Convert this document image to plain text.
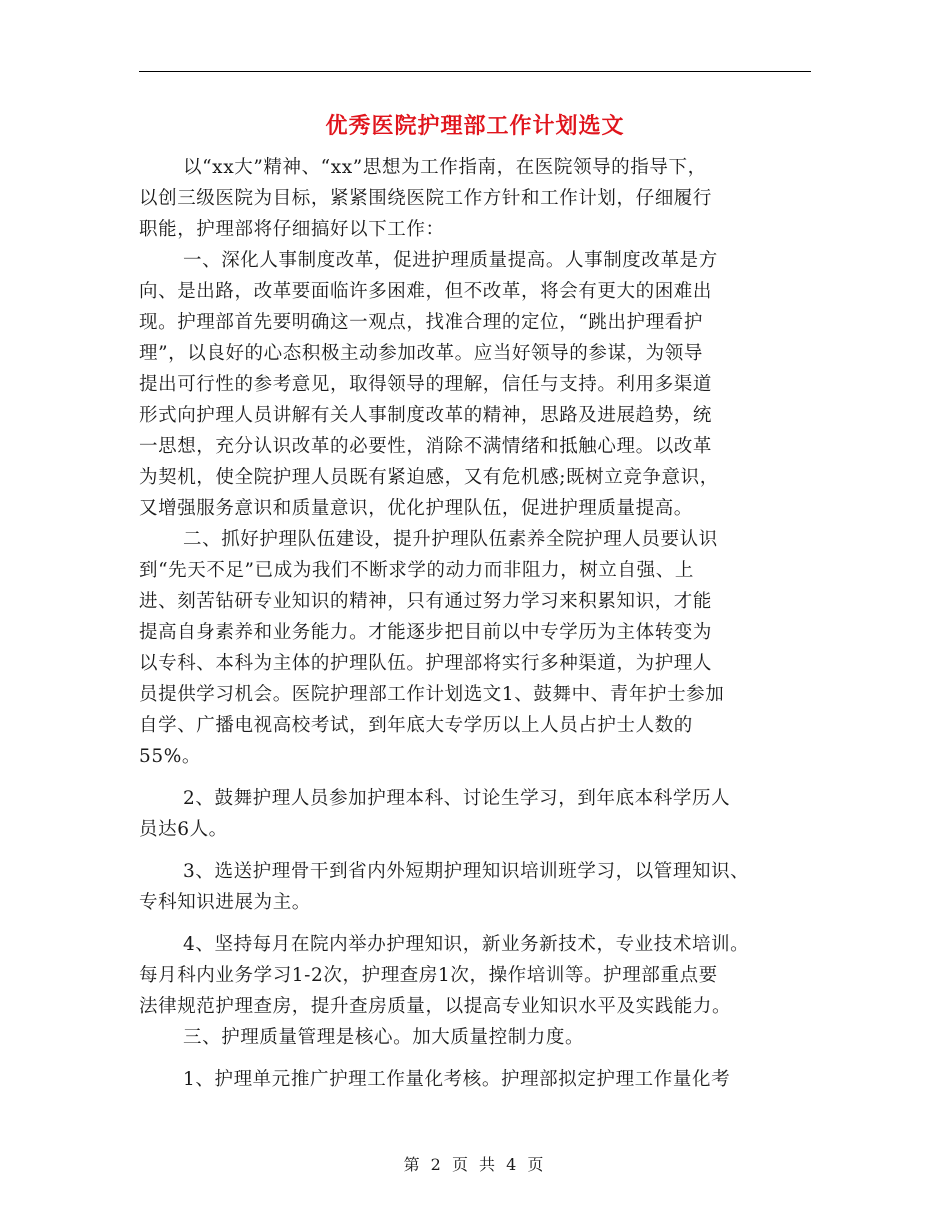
优秀医院护理部工作计划选文
以“xx大”精神、“xx”思想为工作指南，在医院领导的指导下，
以创三级医院为目标，紧紧围绕医院工作方针和工作计划，仔细履行
职能，护理部将仔细搞好以下工作：
一、深化人事制度改革，促进护理质量提高。人事制度改革是方
向、是出路，改革要面临许多困难，但不改革，将会有更大的困难出
现。护理部首先要明确这一观点，找准合理的定位，“跳出护理看护
理”，以良好的心态积极主动参加改革。应当好领导的参谋，为领导
提出可行性的参考意见，取得领导的理解，信任与支持。利用多渠道
形式向护理人员讲解有关人事制度改革的精神，思路及进展趋势，统
一思想，充分认识改革的必要性，消除不满情绪和抵触心理。以改革
为契机，使全院护理人员既有紧迫感，又有危机感;既树立竞争意识，
又增强服务意识和质量意识，优化护理队伍，促进护理质量提高。
二、抓好护理队伍建设，提升护理队伍素养全院护理人员要认识
到“先天不足”已成为我们不断求学的动力而非阻力，树立自强、上
进、刻苦钻研专业知识的精神，只有通过努力学习来积累知识，才能
提高自身素养和业务能力。才能逐步把目前以中专学历为主体转变为
以专科、本科为主体的护理队伍。护理部将实行多种渠道，为护理人
员提供学习机会。医院护理部工作计划选文1、鼓舞中、青年护士参加
自学、广播电视高校考试，到年底大专学历以上人员占护士人数的
55%。
2、鼓舞护理人员参加护理本科、讨论生学习，到年底本科学历人
员达6人。
3、选送护理骨干到省内外短期护理知识培训班学习，以管理知识、
专科知识进展为主。
4、坚持每月在院内举办护理知识，新业务新技术，专业技术培训。
每月科内业务学习1-2次，护理查房1次，操作培训等。护理部重点要
法律规范护理查房，提升查房质量，以提高专业知识水平及实践能力。
三、护理质量管理是核心。加大质量控制力度。
1、护理单元推广护理工作量化考核。护理部拟定护理工作量化考
第 2 页 共 4 页
